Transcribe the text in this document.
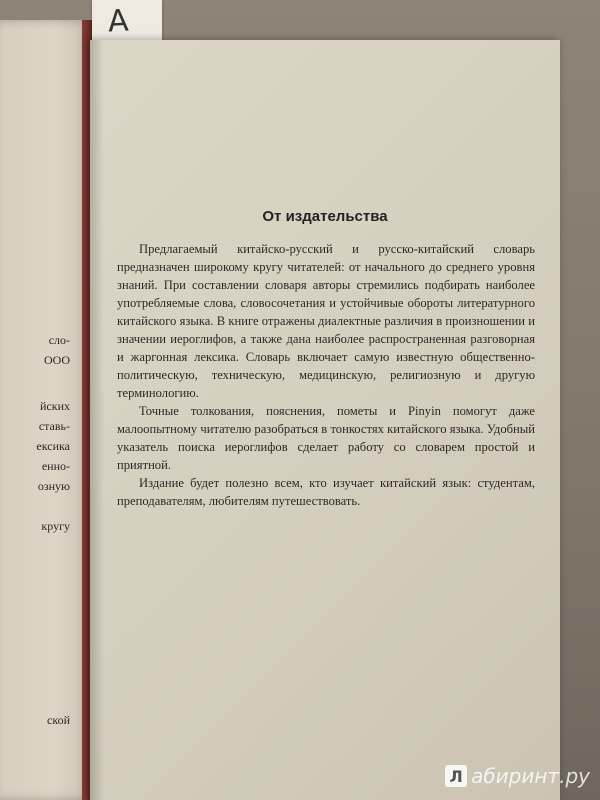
сло-
ООО
йских
ставь-
ексика
енно-
озную
кругу
ской
A
От издательства

Предлагаемый китайско-русский и русско-китайский словарь предназначен широкому кругу читателей: от начального до среднего уровня знаний. При составлении словаря авторы стремились подбирать наиболее употребляемые слова, словосочетания и устойчивые обороты литературного китайского языка. В книге отражены диалектные различия в произношении и значении иероглифов, а также дана наиболее распространенная разговорная и жаргонная лексика. Словарь включает самую известную общественно-политическую, техническую, медицинскую, религиозную и другую терминологию.

Точные толкования, пояснения, пометы и Pinyin помогут даже малоопытному читателю разобраться в тонкостях китайского языка. Удобный указатель поиска иероглифов сделает работу со словарем простой и приятной.

Издание будет полезно всем, кто изучает китайский язык: студентам, преподавателям, любителям путешествовать.

Л абиринт.ру
